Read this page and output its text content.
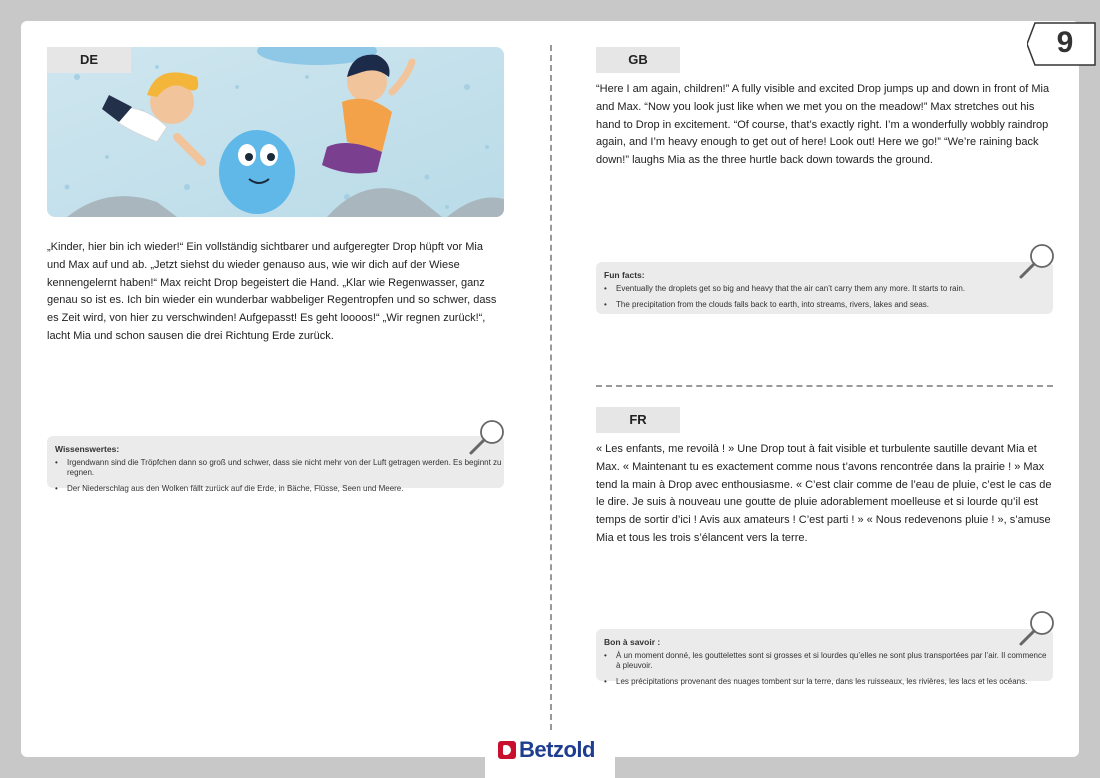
9
DE
„Kinder, hier bin ich wieder!“ Ein vollständig sichtbarer und aufgeregter Drop hüpft vor Mia und Max auf und ab. „Jetzt siehst du wieder genauso aus, wie wir dich auf der Wiese kennengelernt haben!“ Max reicht Drop begeistert die Hand. „Klar wie Regenwasser, ganz genau so ist es. Ich bin wieder ein wunderbar wabbeliger Regentropfen und so schwer, dass es Zeit wird, von hier zu verschwinden! Aufgepasst! Es geht loooos!“ „Wir regnen zurück!“, lacht Mia und schon sausen die drei Richtung Erde zurück.
Wissenswertes:
• Irgendwann sind die Tröpfchen dann so groß und schwer, dass sie nicht mehr von der Luft getragen werden. Es beginnt zu regnen.
• Der Niederschlag aus den Wolken fällt zurück auf die Erde, in Bäche, Flüsse, Seen und Meere.
GB
“Here I am again, children!” A fully visible and excited Drop jumps up and down in front of Mia and Max. “Now you look just like when we met you on the meadow!” Max stretches out his hand to Drop in excitement. “Of course, that’s exactly right. I’m a wonderfully wobbly raindrop again, and I’m heavy enough to get out of here! Look out! Here we go!” “We’re raining back down!” laughs Mia as the three hurtle back down towards the ground.
Fun facts:
• Eventually the droplets get so big and heavy that the air can’t carry them any more. It starts to rain.
• The precipitation from the clouds falls back to earth, into streams, rivers, lakes and seas.
FR
« Les enfants, me revoilà ! » Une Drop tout à fait visible et turbulente sautille devant Mia et Max. « Maintenant tu es exactement comme nous t’avons rencontrée dans la prairie ! » Max tend la main à Drop avec enthousiasme. « C’est clair comme de l’eau de pluie, c’est le cas de le dire. Je suis à nouveau une goutte de pluie adorablement moelleuse et si lourde qu’il est temps de sortir d’ici ! Avis aux amateurs ! C’est parti ! » « Nous redevenons pluie ! », s’amuse Mia et tous les trois s’élancent vers la terre.
Bon à savoir :
• À un moment donné, les gouttelettes sont si grosses et si lourdes qu’elles ne sont plus transportées par l’air. Il commence à pleuvoir.
• Les précipitations provenant des nuages tombent sur la terre, dans les ruisseaux, les rivières, les lacs et les océans.
Betzold
